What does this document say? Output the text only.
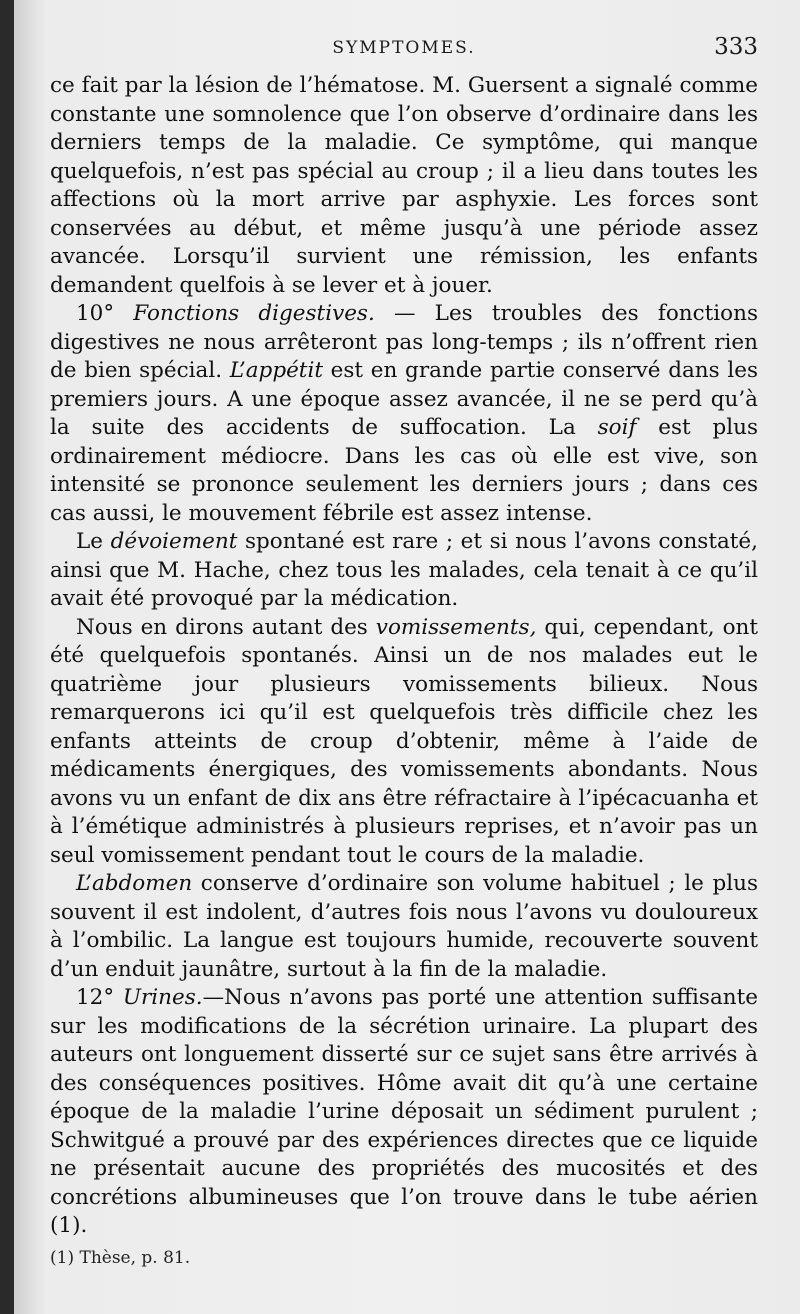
SYMPTOMES.	333

ce fait par la lésion de l’hématose. M. Guersent a signalé comme constante une somnolence que l’on observe d’ordinaire dans les derniers temps de la maladie. Ce symptôme, qui manque quelquefois, n’est pas spécial au croup ; il a lieu dans toutes les affections où la mort arrive par asphyxie. Les forces sont conservées au début, et même jusqu’à une période assez avancée. Lorsqu’il survient une rémission, les enfants demandent quelfois à se lever et à jouer.

10° Fonctions digestives. — Les troubles des fonctions digestives ne nous arrêteront pas long-temps ; ils n’offrent rien de bien spécial. L’appétit est en grande partie conservé dans les premiers jours. A une époque assez avancée, il ne se perd qu’à la suite des accidents de suffocation. La soif est plus ordinairement médiocre. Dans les cas où elle est vive, son intensité se prononce seulement les derniers jours ; dans ces cas aussi, le mouvement fébrile est assez intense.

Le dévoiement spontané est rare ; et si nous l’avons constaté, ainsi que M. Hache, chez tous les malades, cela tenait à ce qu’il avait été provoqué par la médication.

Nous en dirons autant des vomissements, qui, cependant, ont été quelquefois spontanés. Ainsi un de nos malades eut le quatrième jour plusieurs vomissements bilieux. Nous remarquerons ici qu’il est quelquefois très difficile chez les enfants atteints de croup d’obtenir, même à l’aide de médicaments énergiques, des vomissements abondants. Nous avons vu un enfant de dix ans être réfractaire à l’ipécacuanha et à l’émétique administrés à plusieurs reprises, et n’avoir pas un seul vomissement pendant tout le cours de la maladie.

L’abdomen conserve d’ordinaire son volume habituel ; le plus souvent il est indolent, d’autres fois nous l’avons vu douloureux à l’ombilic. La langue est toujours humide, recouverte souvent d’un enduit jaunâtre, surtout à la fin de la maladie.

12° Urines.—Nous n’avons pas porté une attention suffisante sur les modifications de la sécrétion urinaire. La plupart des auteurs ont longuement disserté sur ce sujet sans être arrivés à des conséquences positives. Hôme avait dit qu’à une certaine époque de la maladie l’urine déposait un sédiment purulent ; Schwitgué a prouvé par des expériences directes que ce liquide ne présentait aucune des propriétés des mucosités et des concrétions albumineuses que l’on trouve dans le tube aérien (1).

(1) Thèse, p. 81.
